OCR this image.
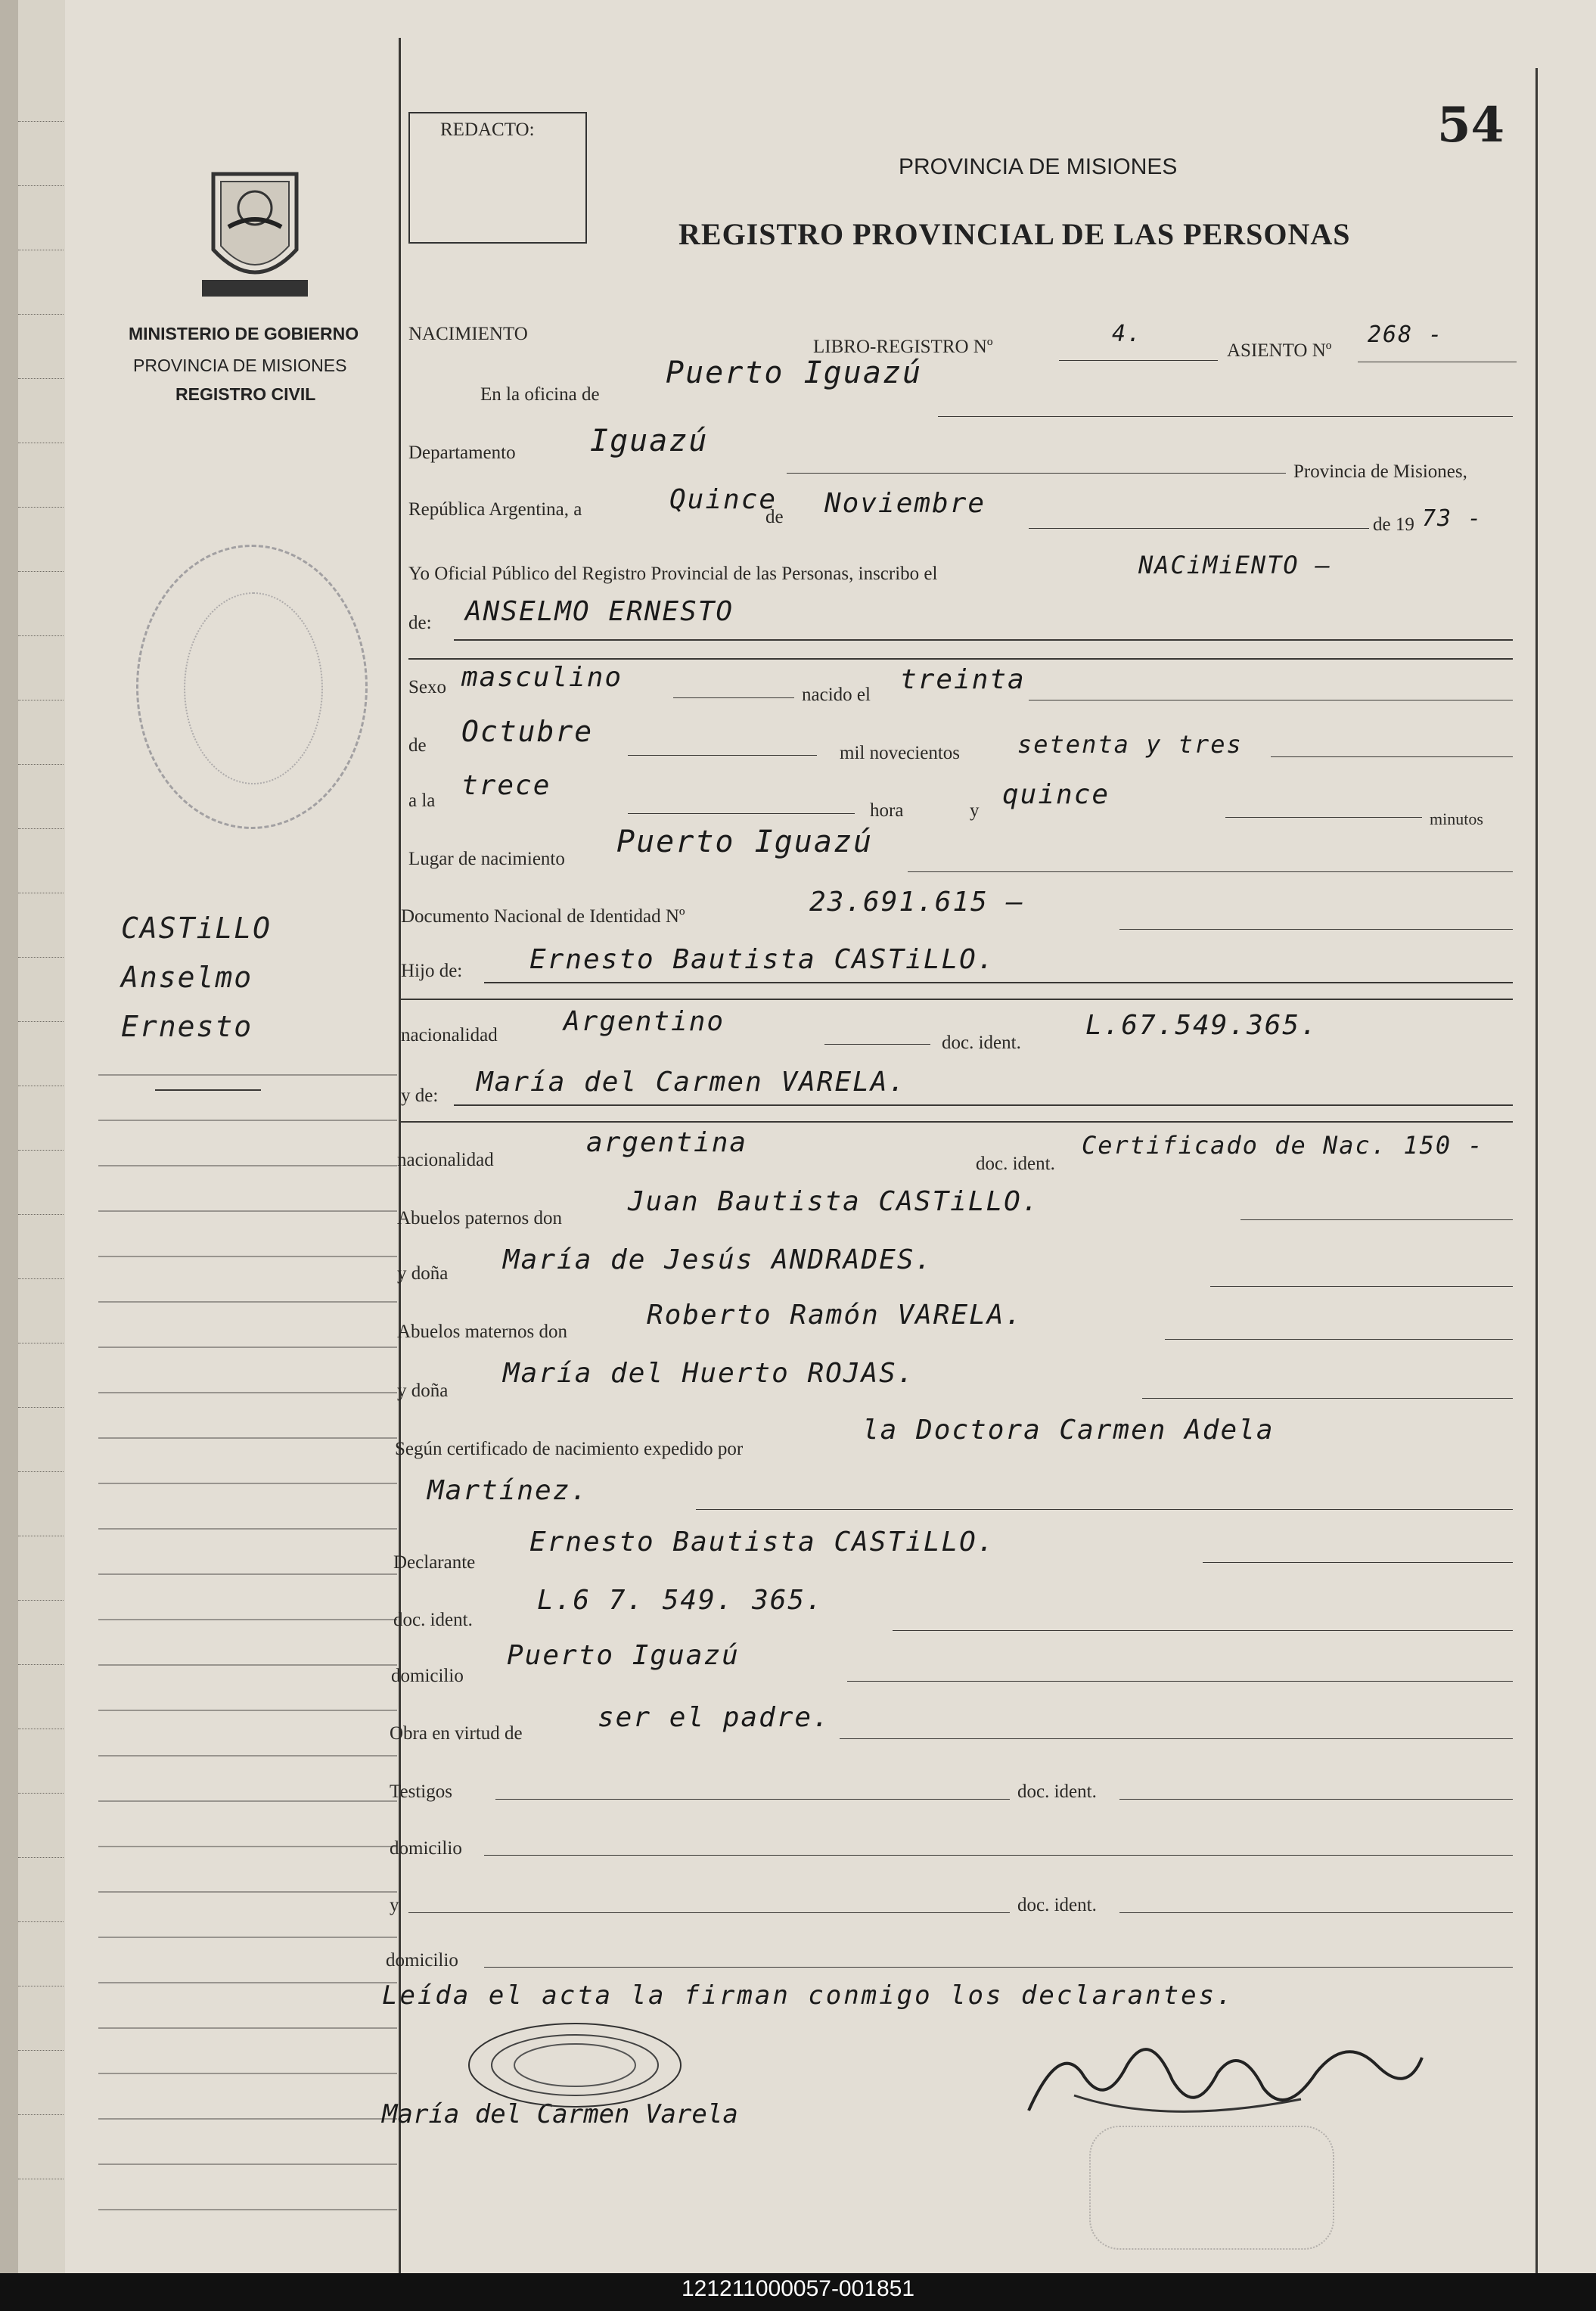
MINISTERIO DE GOBIERNO
PROVINCIA DE MISIONES
REGISTRO CIVIL
CASTiLLO
Anselmo
Ernesto
REDACTO:	54
PROVINCIA DE MISIONES
REGISTRO PROVINCIAL DE LAS PERSONAS
NACIMIENTO
LIBRO-REGISTRO Nº	4.
ASIENTO Nº
268 -
En la oficina de
Puerto Iguazú
Departamento Iguazú
Provincia de Misiones,
República Argentina, a	Quince
de Noviembre
de 19 73 -
Yo Oficial Público del Registro Provincial de las Personas, inscribo el	NACiMiENTO —
de: ANSELMO ERNESTO
Sexo masculino
nacido el treinta
de Octubre
mil novecientos setenta y tres
a la trece
hora	y
quince
minutos
Lugar de nacimiento Puerto Iguazú
Documento Nacional de Identidad Nº	23.691.615 —
Hijo de: Ernesto Bautista CASTiLLO.
nacionalidad Argentino
doc. ident.
L.67.549.365.
y de: María del Carmen VARELA.
nacionalidad
argentina
doc. ident.
Certificado de Nac. 150 -
Abuelos paternos don
Juan Bautista CASTiLLO.
y doña María de Jesús ANDRADES.
Abuelos maternos don
Roberto Ramón VARELA.
y doña
María del Huerto ROJAS.
Según certificado de nacimiento expedido por
la Doctora Carmen Adela
Martínez.
Declarante
Ernesto Bautista CASTiLLO.
doc. ident.
L.6 7. 549. 365.
domicilio
Puerto Iguazú
Obra en virtud de
ser el padre.
Testigos	doc. ident.
domicilio
y	doc. ident.
domicilio
Leída el acta la firman conmigo los declarantes.
María del Carmen Varela
121211000057-001851
